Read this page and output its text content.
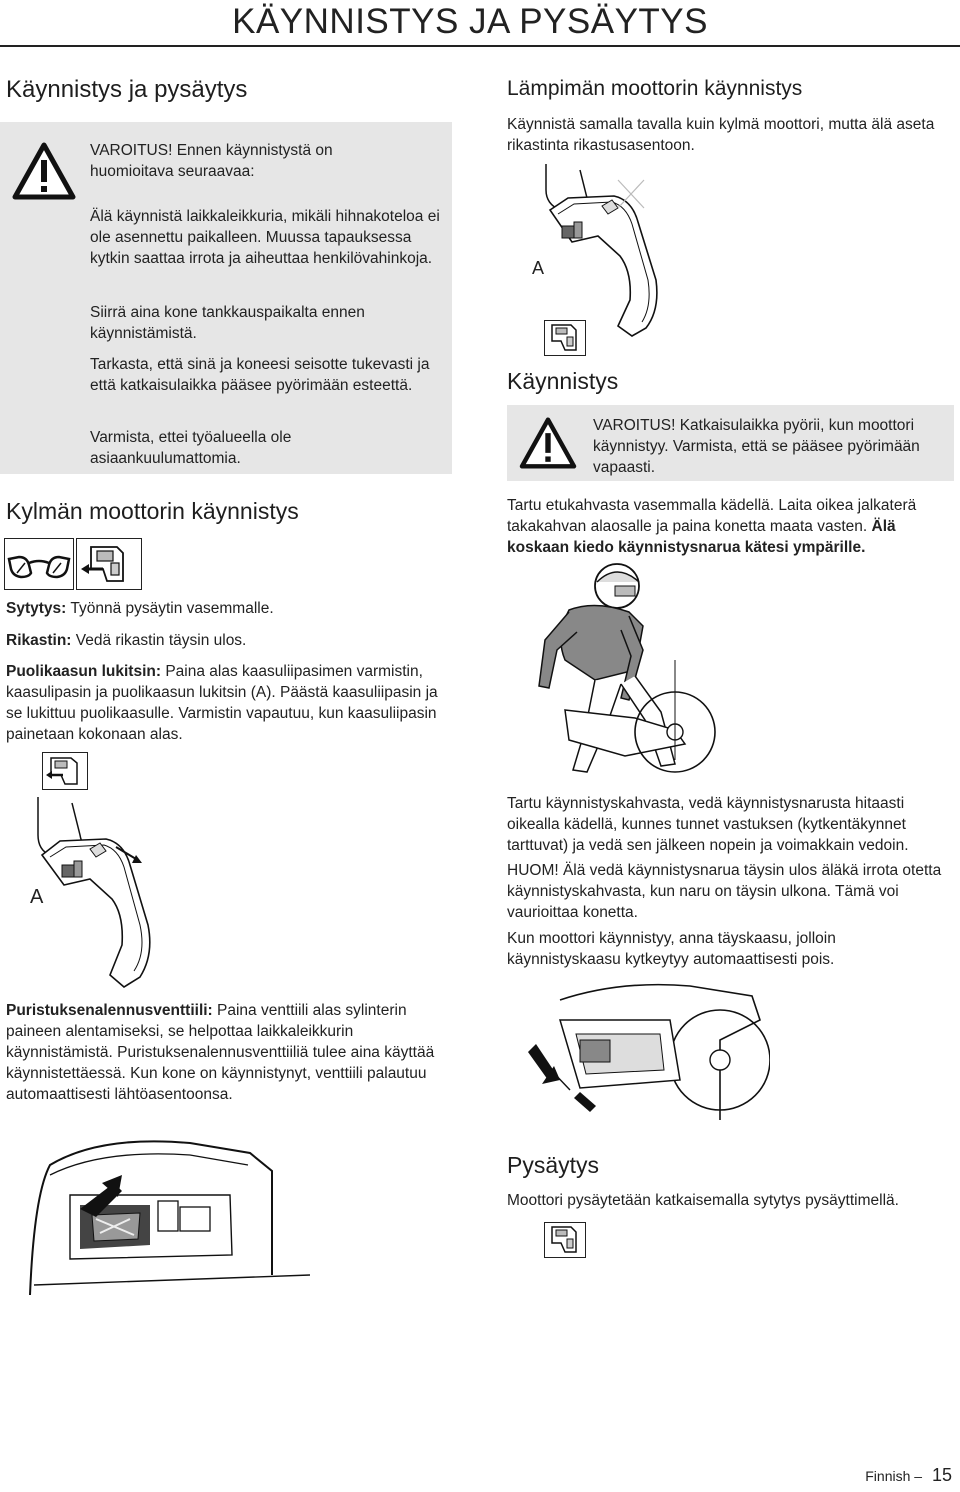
KÄYNNISTYS JA PYSÄYTYS
Käynnistys ja pysäytys
VAROITUS! Ennen käynnistystä on huomioitava seuraavaa:
Älä käynnistä laikkaleikkuria, mikäli hihnakoteloa ei ole asennettu paikalleen. Muussa tapauksessa kytkin saattaa irrota ja aiheuttaa henkilövahinkoja.
Siirrä aina kone tankkauspaikalta ennen käynnistämistä.
Tarkasta, että sinä ja koneesi seisotte tukevasti ja että katkaisulaikka pääsee pyörimään esteettä.
Varmista, ettei työalueella ole asiaankuulumattomia.
Kylmän moottorin käynnistys
Sytytys: Työnnä pysäytin vasemmalle.
Rikastin: Vedä rikastin täysin ulos.
Puolikaasun lukitsin: Paina alas kaasuliipasimen varmistin, kaasulipasin ja puolikaasun lukitsin (A). Päästä kaasuliipasin ja se lukittuu puolikaasulle. Varmistin vapautuu, kun kaasuliipasin painetaan kokonaan alas.
A
Puristuksenalennusventtiili: Paina venttiili alas sylinterin paineen alentamiseksi, se helpottaa laikkaleikkurin käynnistämistä. Puristuksenalennusventtiiliä tulee aina käyttää käynnistettäessä. Kun kone on käynnistynyt, venttiili palautuu automaattisesti lähtöasentoonsa.
Lämpimän moottorin käynnistys
Käynnistä samalla tavalla kuin kylmä moottori, mutta älä aseta rikastinta rikastusasentoon.
A
Käynnistys
VAROITUS! Katkaisulaikka pyörii, kun moottori käynnistyy. Varmista, että se pääsee pyörimään vapaasti.
Tartu etukahvasta vasemmalla kädellä. Laita oikea jalkaterä takakahvan alaosalle ja paina konetta maata vasten. Älä koskaan kiedo käynnistysnarua kätesi ympärille.
Tartu käynnistyskahvasta, vedä käynnistysnarusta hitaasti oikealla kädellä, kunnes tunnet vastuksen (kytkentäkynnet tarttuvat) ja vedä sen jälkeen nopein ja voimakkain vedoin.
HUOM! Älä vedä käynnistysnarua täysin ulos äläkä irrota otetta käynnistyskahvasta, kun naru on täysin ulkona. Tämä voi vaurioittaa konetta.
Kun moottori käynnistyy, anna täyskaasu, jolloin käynnistyskaasu kytkeytyy automaattisesti pois.
Pysäytys
Moottori pysäytetään katkaisemalla sytytys pysäyttimellä.
Finnish – 15
